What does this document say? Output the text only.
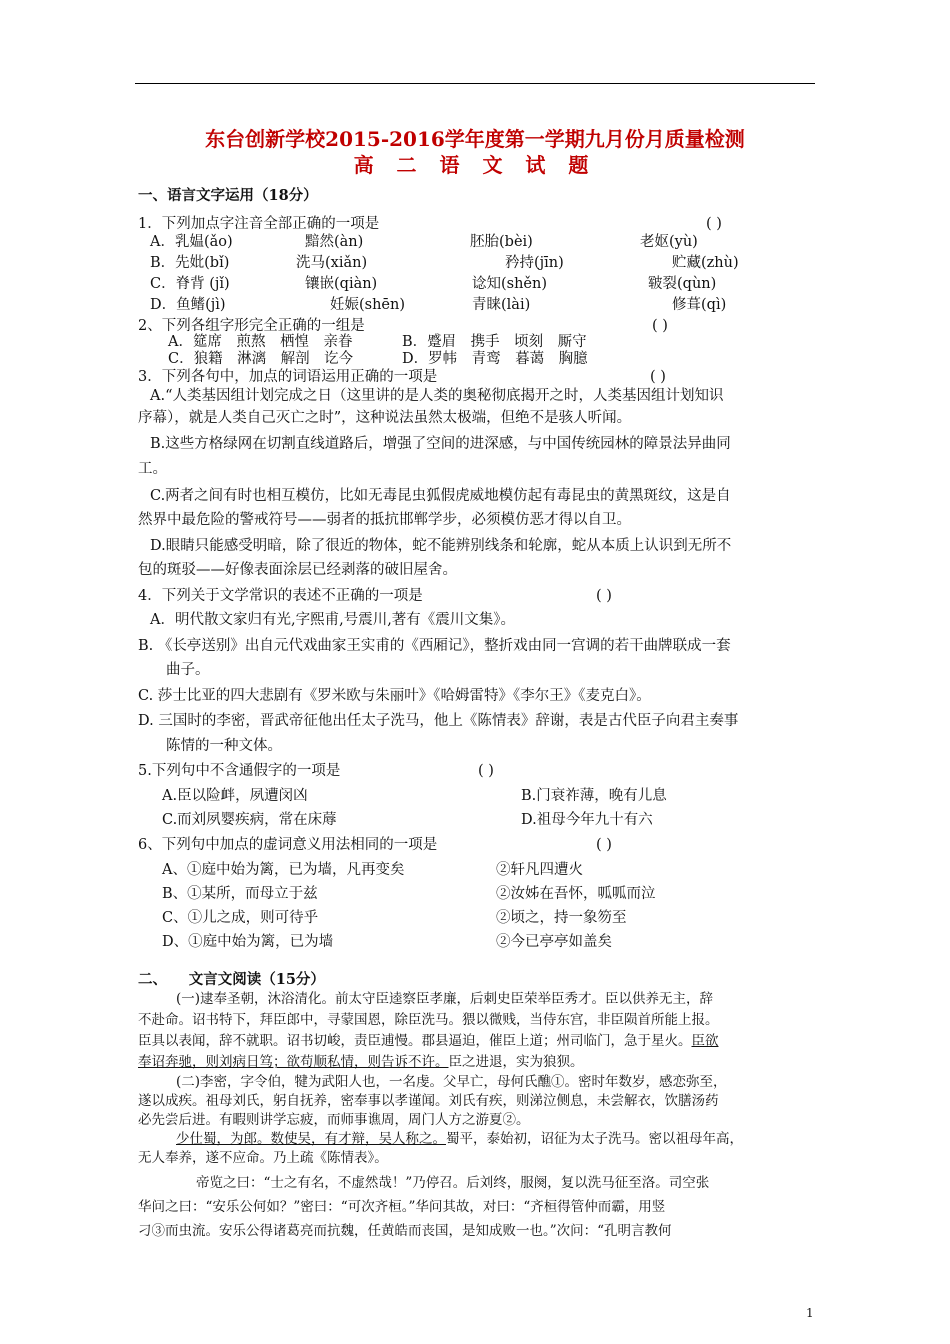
东台创新学校2015-2016学年度第一学期九月份月质量检测
高 二 语 文 试 题
一、语言文字运用（18分）
1．下列加点字注音全部正确的一项是	( )
A．乳媪(ǎo)	黯然(àn)	胚胎(bèi)	老妪(yù)
B．先妣(bǐ)	洗马(xiǎn)	矜持(jīn)	贮藏(zhù)
C．脊背 (jǐ)	镶嵌(qiàn)	谂知(shěn)	皲裂(qùn)
D．鱼鳍(jì)	妊娠(shēn)	青睐(lài)	修葺(qì)
2、下列各组字形完全正确的一组是	( )
A．筵席　煎熬　栖惶　亲眷	B．蹙眉　携手　顷刻　厮守
C．狼籍　淋漓　解剖　讫今	D．罗帏　青鸾　暮蔼　胸臆
3．下列各句中，加点的词语运用正确的一项是	( )
A.“人类基因组计划完成之日（这里讲的是人类的奥秘彻底揭开之时，人类基因组计划知识
序幕），就是人类自己灭亡之时”，这种说法虽然太极端，但绝不是骇人听闻。
B.这些方格绿网在切割直线道路后，增强了空间的进深感，与中国传统园林的障景法异曲同
工。
C.两者之间有时也相互模仿，比如无毒昆虫狐假虎威地模仿起有毒昆虫的黄黑斑纹，这是自
然界中最危险的警戒符号——弱者的抵抗邯郸学步，必须模仿恶才得以自卫。
D.眼睛只能感受明暗，除了很近的物体，蛇不能辨别线条和轮廓，蛇从本质上认识到无所不
包的斑驳——好像表面涂层已经剥落的破旧屋舍。
4．下列关于文学常识的表述不正确的一项是	( )
A．明代散文家归有光,字熙甫,号震川,著有《震川文集》。
B. 《长亭送别》出自元代戏曲家王实甫的《西厢记》，整折戏由同一宫调的若干曲牌联成一套
曲子。
C. 莎士比亚的四大悲剧有《罗米欧与朱丽叶》《哈姆雷特》《李尔王》《麦克白》。
D. 三国时的李密，晋武帝征他出任太子洗马，他上《陈情表》辞谢，表是古代臣子向君主奏事
陈情的一种文体。
5.下列句中不含通假字的一项是	( )
A.臣以险衅，夙遭闵凶	B.门衰祚薄，晚有儿息
C.而刘夙婴疾病，常在床蓐	D.祖母今年九十有六
6、下列句中加点的虚词意义用法相同的一项是	( )
A、①庭中始为篱，已为墙，凡再变矣	②轩凡四遭火
B、①某所，而母立于兹	②汝姊在吾怀，呱呱而泣
C、①儿之成，则可待乎	②顷之，持一象笏至
D、①庭中始为篱，已为墙	②今已亭亭如盖矣
二、　　文言文阅读（15分）
(一)逮奉圣朝，沐浴清化。前太守臣逵察臣孝廉，后刺史臣荣举臣秀才。臣以供养无主，辞
不赴命。诏书特下，拜臣郎中，寻蒙国恩，除臣洗马。猥以微贱，当侍东宫，非臣陨首所能上报。
臣具以表闻，辞不就职。诏书切峻，责臣逋慢。郡县逼迫，催臣上道；州司临门，急于星火。臣欲
奉诏奔驰，则刘病日笃；欲苟顺私情，则告诉不许。臣之进退，实为狼狈。
(二)李密，字令伯，犍为武阳人也，一名虔。父早亡，母何氏醮①。密时年数岁，感恋弥至，
遂以成疾。祖母刘氏，躬自抚养，密奉事以孝谨闻。刘氏有疾，则涕泣侧息，未尝解衣，饮膳汤药
必先尝后进。有暇则讲学忘疲，而师事谯周，周门人方之游夏②。
少仕蜀，为郎。数使吴，有才辩，吴人称之。蜀平，泰始初，诏征为太子洗马。密以祖母年高，
无人奉养，遂不应命。乃上疏《陈情表》。
帝览之曰：“士之有名，不虚然哉！”乃停召。后刘终，服阕，复以洗马征至洛。司空张
华问之曰：“安乐公何如？”密曰：“可次齐桓。”华问其故，对曰：“齐桓得管仲而霸，用竖
刁③而虫流。安乐公得诸葛亮而抗魏，任黄皓而丧国，是知成败一也。”次问：“孔明言教何
1
